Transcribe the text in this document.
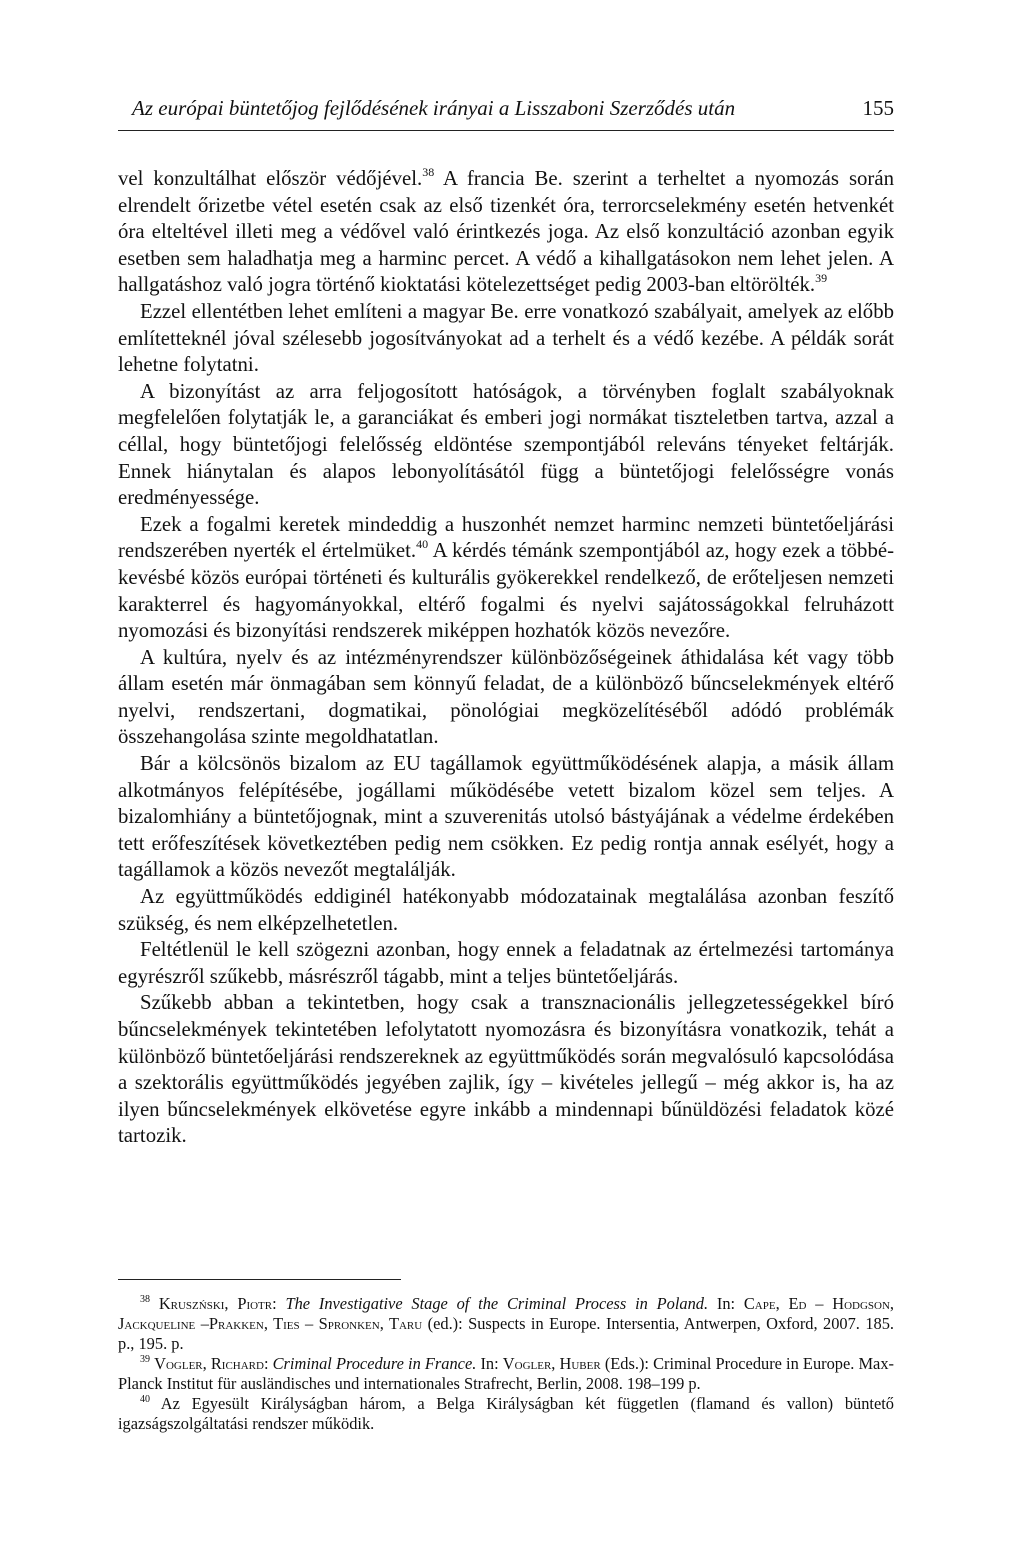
Az európai büntetőjog fejlődésének irányai a Lisszaboni Szerződés után	155

vel konzultálhat először védőjével.$^{38}$ A francia Be. szerint a terheltet a nyomozás során elrendelt őrizetbe vétel esetén csak az első tizenkét óra, terrorcselekmény esetén hetvenkét óra elteltével illeti meg a védővel való érintkezés joga. Az első konzultáció azonban egyik esetben sem haladhatja meg a harminc percet. A védő a kihallgatásokon nem lehet jelen. A hallgatáshoz való jogra történő kioktatási kötelezettséget pedig 2003-ban eltörölték.$^{39}$

Ezzel ellentétben lehet említeni a magyar Be. erre vonatkozó szabályait, amelyek az előbb említetteknél jóval szélesebb jogosítványokat ad a terhelt és a védő kezébe. A példák sorát lehetne folytatni.

A bizonyítást az arra feljogosított hatóságok, a törvényben foglalt szabályoknak megfelelően folytatják le, a garanciákat és emberi jogi normákat tiszteletben tartva, azzal a céllal, hogy büntetőjogi felelősség eldöntése szempontjából releváns tényeket feltárják. Ennek hiánytalan és alapos lebonyolításától függ a büntetőjogi felelősségre vonás eredményessége.

Ezek a fogalmi keretek mindeddig a huszonhét nemzet harminc nemzeti büntetőeljárási rendszerében nyerték el értelmüket.$^{40}$ A kérdés témánk szempontjából az, hogy ezek a többé-kevésbé közös európai történeti és kulturális gyökerekkel rendelkező, de erőteljesen nemzeti karakterrel és hagyományokkal, eltérő fogalmi és nyelvi sajátosságokkal felruházott nyomozási és bizonyítási rendszerek miképpen hozhatók közös nevezőre.

A kultúra, nyelv és az intézményrendszer különbözőségeinek áthidalása két vagy több állam esetén már önmagában sem könnyű feladat, de a különböző bűncselekmények eltérő nyelvi, rendszertani, dogmatikai, pönológiai megközelítéséből adódó problémák összehangolása szinte megoldhatatlan.

Bár a kölcsönös bizalom az EU tagállamok együttműködésének alapja, a másik állam alkotmányos felépítésébe, jogállami működésébe vetett bizalom közel sem teljes. A bizalomhiány a büntetőjognak, mint a szuverenitás utolsó bástyájának a védelme érdekében tett erőfeszítések következtében pedig nem csökken. Ez pedig rontja annak esélyét, hogy a tagállamok a közös nevezőt megtalálják.

Az együttműködés eddiginél hatékonyabb módozatainak megtalálása azonban feszítő szükség, és nem elképzelhetetlen.

Feltétlenül le kell szögezni azonban, hogy ennek a feladatnak az értelmezési tartománya egyrészről szűkebb, másrészről tágabb, mint a teljes büntetőeljárás.

Szűkebb abban a tekintetben, hogy csak a transznacionális jellegzetességekkel bíró bűncselekmények tekintetében lefolytatott nyomozásra és bizonyításra vonatkozik, tehát a különböző büntetőeljárási rendszereknek az együttműködés során megvalósuló kapcsolódása a szektorális együttműködés jegyében zajlik, így – kivételes jellegű – még akkor is, ha az ilyen bűncselekmények elkövetése egyre inkább a mindennapi bűnüldözési feladatok közé tartozik.

$^{38}$ Kruszński, Piotr: The Investigative Stage of the Criminal Process in Poland. In: Cape, Ed – Hodgson, Jackqueline –Prakken, Ties – Spronken, Taru (ed.): Suspects in Europe. Intersentia, Antwerpen, Oxford, 2007. 185. p., 195. p.

$^{39}$ Vogler, Richard: Criminal Procedure in France. In: Vogler, Huber (Eds.): Criminal Procedure in Europe. Max-Planck Institut für ausländisches und internationales Strafrecht, Berlin, 2008. 198–199 p.

$^{40}$ Az Egyesült Királyságban három, a Belga Királyságban két független (flamand és vallon) büntető igazságszolgáltatási rendszer működik.
